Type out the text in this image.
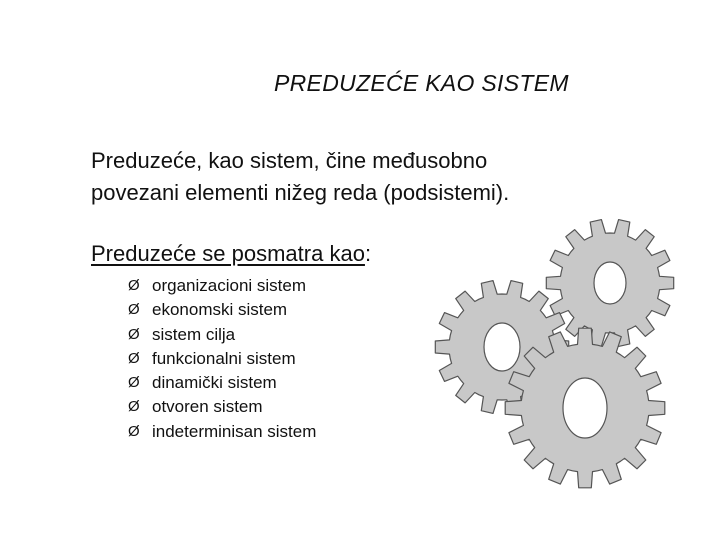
PREDUZEĆE KAO SISTEM
Preduzeće, kao sistem, čine međusobno
povezani elementi nižeg reda (podsistemi).
Preduzeće se posmatra kao:
Ø organizacioni sistem
Ø ekonomski sistem
Ø sistem cilja
Ø funkcionalni sistem
Ø dinamički sistem
Ø otvoren sistem
Ø indeterminisan sistem
